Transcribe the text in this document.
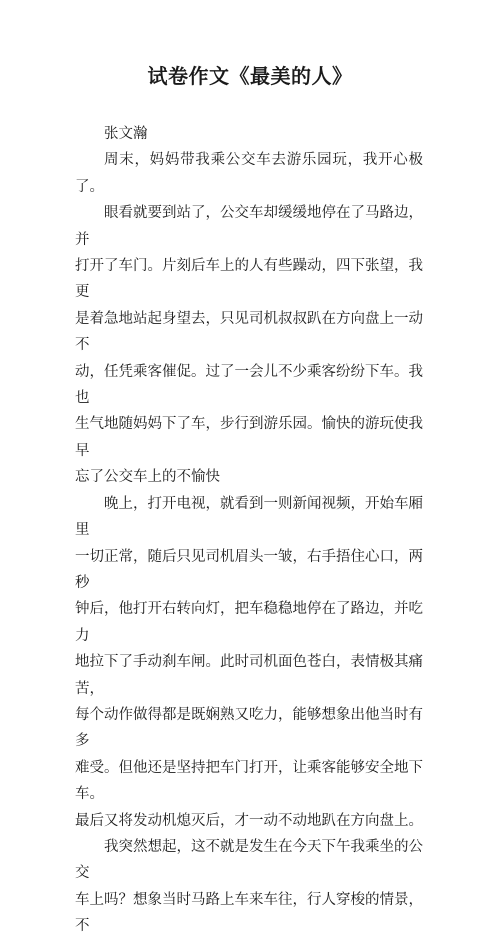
试卷作文《最美的人》
张文瀚

周末，妈妈带我乘公交车去游乐园玩，我开心极了。

眼看就要到站了，公交车却缓缓地停在了马路边，并
打开了车门。片刻后车上的人有些躁动，四下张望，我更
是着急地站起身望去，只见司机叔叔趴在方向盘上一动不
动，任凭乘客催促。过了一会儿不少乘客纷纷下车。我也
生气地随妈妈下了车，步行到游乐园。愉快的游玩使我早
忘了公交车上的不愉快

晚上，打开电视，就看到一则新闻视频，开始车厢里
一切正常，随后只见司机眉头一皱，右手捂住心口，两秒
钟后，他打开右转向灯，把车稳稳地停在了路边，并吃力
地拉下了手动刹车闸。此时司机面色苍白，表情极其痛苦，
每个动作做得都是既娴熟又吃力，能够想象出他当时有多
难受。但他还是坚持把车门打开，让乘客能够安全地下车。
最后又将发动机熄灭后，才一动不动地趴在方向盘上。

我突然想起，这不就是发生在今天下午我乘坐的公交
车上吗？想象当时马路上车来车往，行人穿梭的情景，不
